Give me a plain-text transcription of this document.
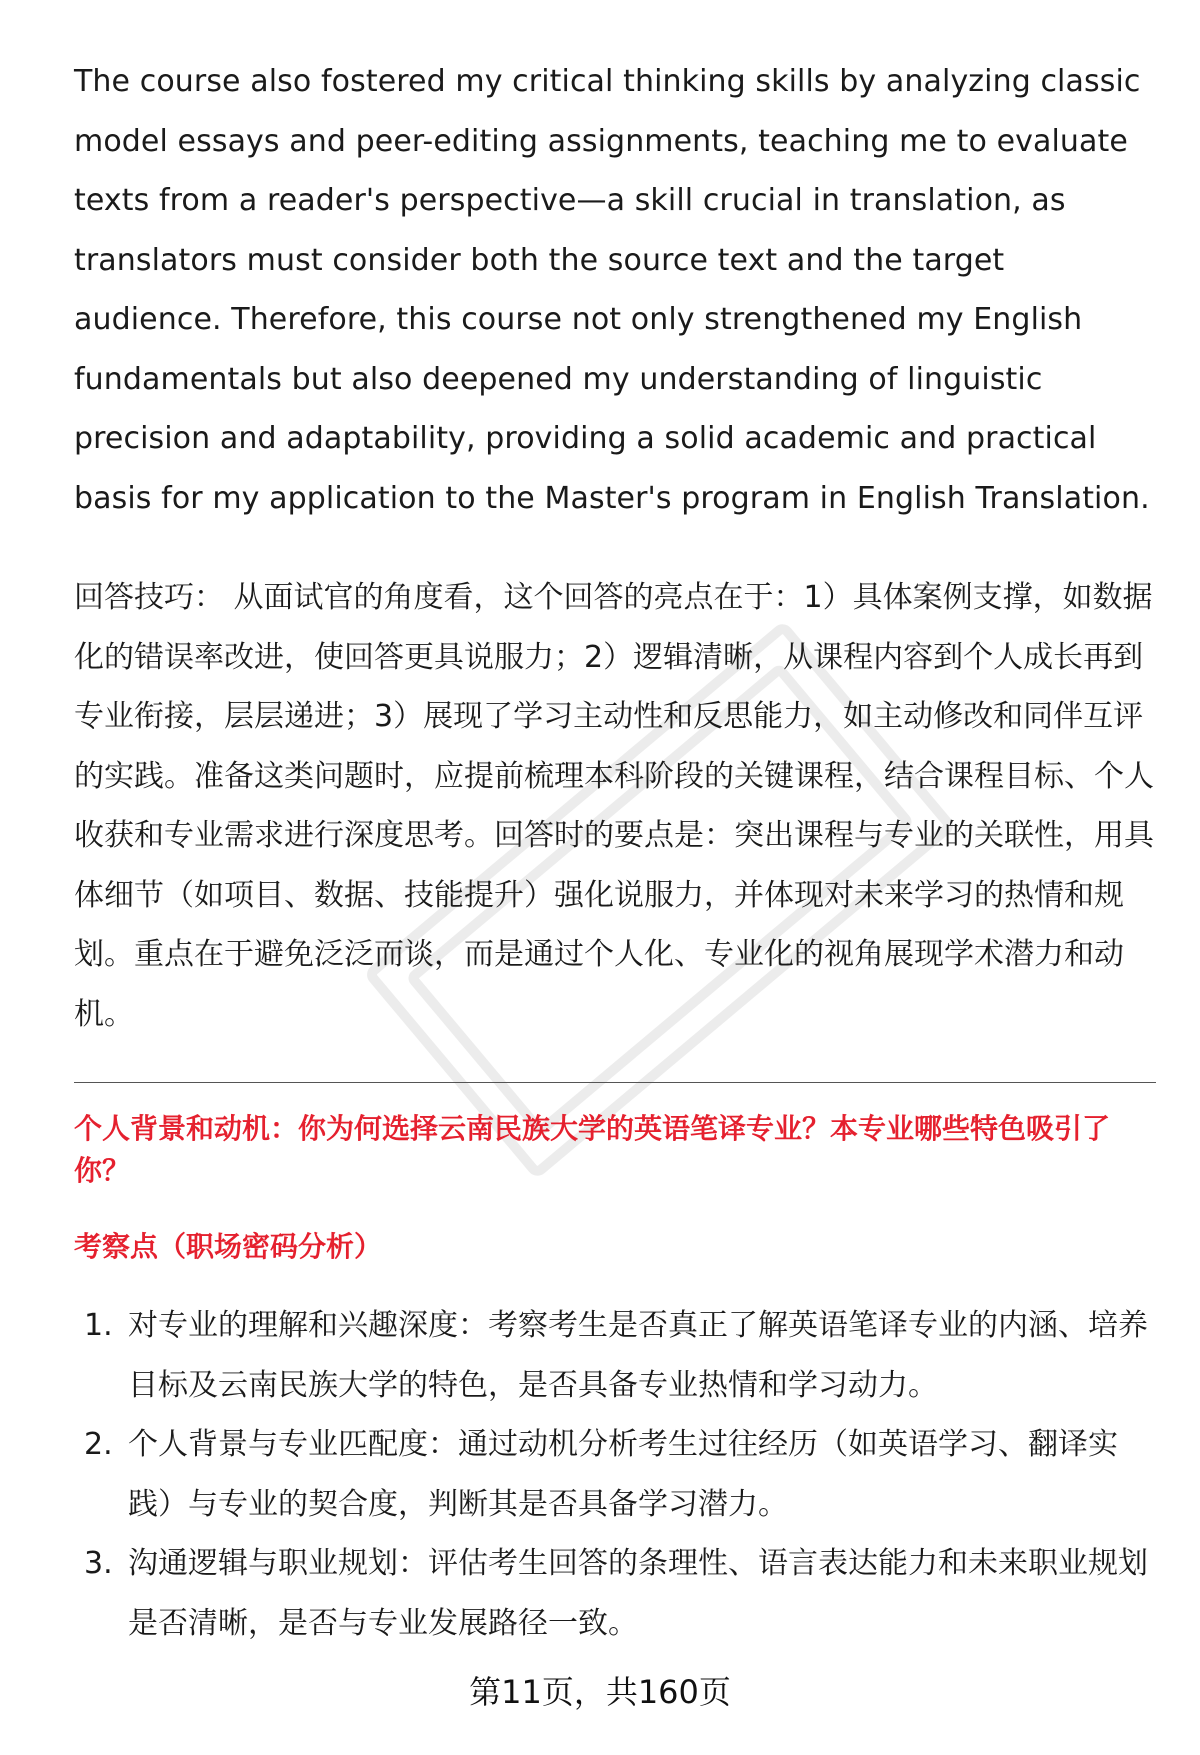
The course also fostered my critical thinking skills by analyzing classic model essays and peer-editing assignments, teaching me to evaluate texts from a reader's perspective—a skill crucial in translation, as translators must consider both the source text and the target audience. Therefore, this course not only strengthened my English fundamentals but also deepened my understanding of linguistic precision and adaptability, providing a solid academic and practical basis for my application to the Master's program in English Translation.

回答技巧： 从面试官的角度看，这个回答的亮点在于：1）具体案例支撑，如数据化的错误率改进，使回答更具说服力；2）逻辑清晰，从课程内容到个人成长再到专业衔接，层层递进；3）展现了学习主动性和反思能力，如主动修改和同伴互评的实践。准备这类问题时，应提前梳理本科阶段的关键课程，结合课程目标、个人收获和专业需求进行深度思考。回答时的要点是：突出课程与专业的关联性，用具体细节（如项目、数据、技能提升）强化说服力，并体现对未来学习的热情和规划。重点在于避免泛泛而谈，而是通过个人化、专业化的视角展现学术潜力和动机。

个人背景和动机：你为何选择云南民族大学的英语笔译专业？本专业哪些特色吸引了你？

考察点（职场密码分析）

1. 对专业的理解和兴趣深度：考察考生是否真正了解英语笔译专业的内涵、培养目标及云南民族大学的特色，是否具备专业热情和学习动力。
2. 个人背景与专业匹配度：通过动机分析考生过往经历（如英语学习、翻译实践）与专业的契合度，判断其是否具备学习潜力。
3. 沟通逻辑与职业规划：评估考生回答的条理性、语言表达能力和未来职业规划是否清晰，是否与专业发展路径一致。
第11页，共160页
